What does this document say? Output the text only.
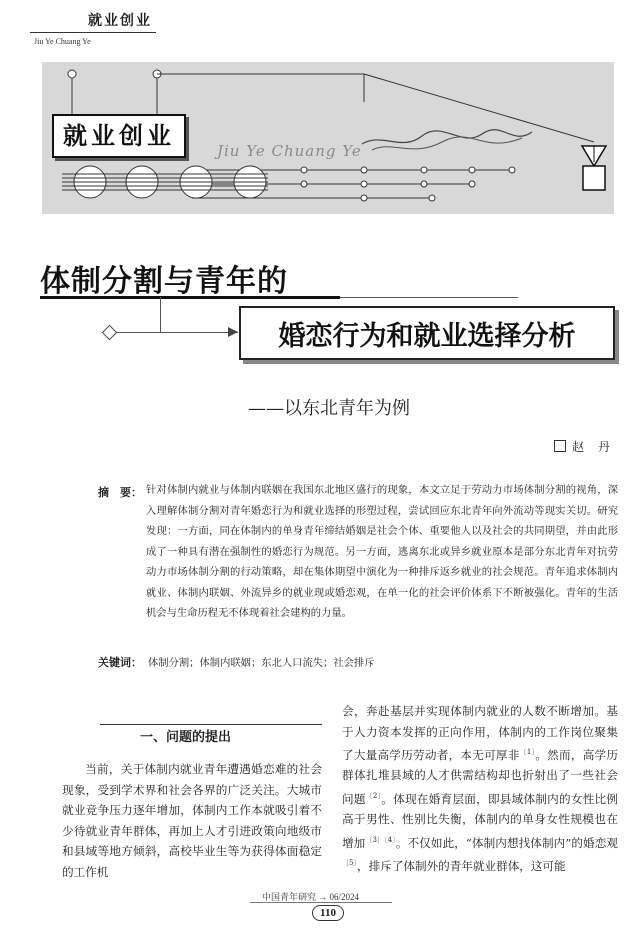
就业创业
Jiu Ye Chuang Ye
就业创业
Jiu Ye Chuang Ye
体制分割与青年的
婚恋行为和就业选择分析
——以东北青年为例
赵丹
摘　要： 针对体制内就业与体制内联姻在我国东北地区盛行的现象，本文立足于劳动力市场体制分割的视角，深入理解体制分割对青年婚恋行为和就业选择的形塑过程，尝试回应东北青年向外流动等现实关切。研究发现：一方面，同在体制内的单身青年缔结婚姻是社会个体、重要他人以及社会的共同期望，并由此形成了一种具有潜在强制性的婚恋行为规范。另一方面，逃离东北或异乡就业原本是部分东北青年对抗劳动力市场体制分割的行动策略，却在集体期望中演化为一种排斥返乡就业的社会规范。青年追求体制内就业、体制内联姻、外流异乡的就业现或婚恋观，在单一化的社会评价体系下不断被强化。青年的生活机会与生命历程无不体现着社会建构的力量。
关键词： 体制分割；体制内联姻；东北人口流失；社会排斥
一、问题的提出
当前，关于体制内就业青年遭遇婚恋难的社会现象，受到学术界和社会各界的广泛关注。大城市就业竞争压力逐年增加，体制内工作本就吸引着不少待就业青年群体，再加上人才引进政策向地级市和县域等地方倾斜，高校毕业生等为获得体面稳定的工作机
会，奔赴基层并实现体制内就业的人数不断增加。基于人力资本发挥的正向作用，体制内的工作岗位聚集了大量高学历劳动者，本无可厚非$^{〔1〕}$。然而，高学历群体扎堆县域的人才供需结构却也折射出了一些社会问题$^{〔2〕}$。体现在婚育层面，即县域体制内的女性比例高于男性、性别比失衡，体制内的单身女性规模也在增加$^{〔3〕〔4〕}$。不仅如此，“体制内想找体制内”的婚恋观$^{〔5〕}$，排斥了体制外的青年就业群体，这可能
中国青年研究 → 06/2024
110
